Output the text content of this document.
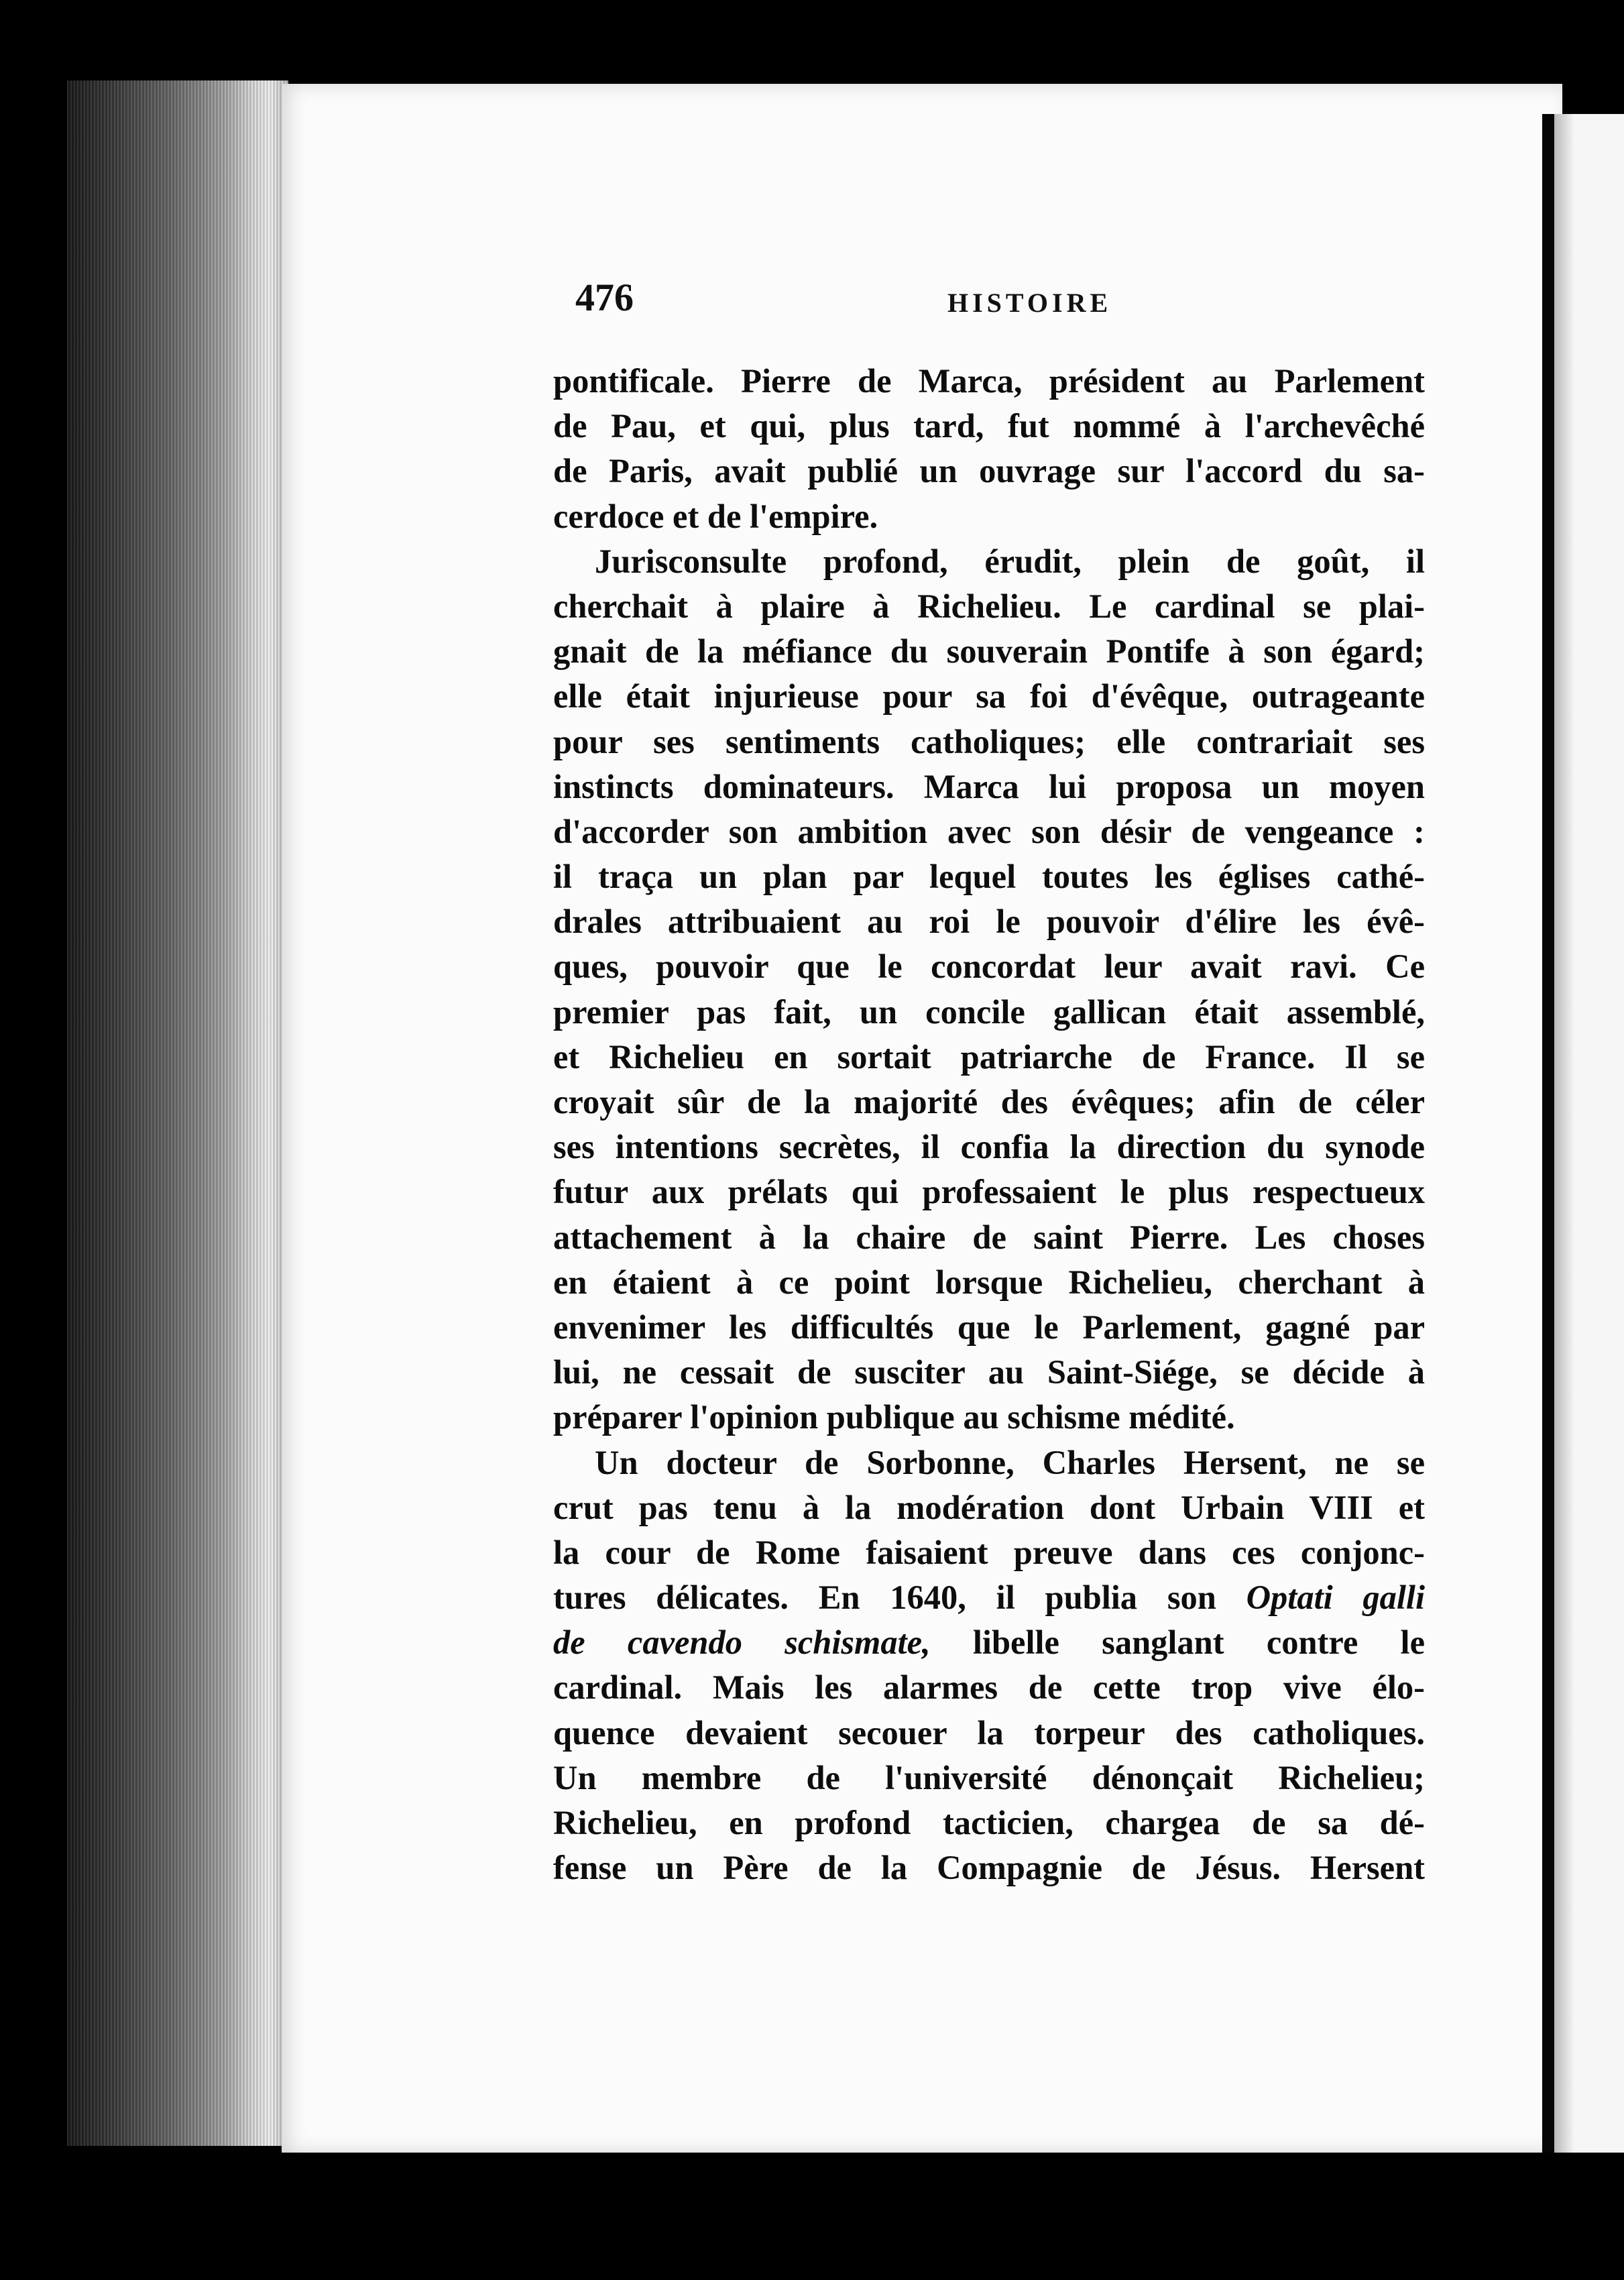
476	HISTOIRE
pontificale. Pierre de Marca, président au Parlement
de Pau, et qui, plus tard, fut nommé à l'archevêché
de Paris, avait publié un ouvrage sur l'accord du sa-
cerdoce et de l'empire.
Jurisconsulte profond, érudit, plein de goût, il
cherchait à plaire à Richelieu. Le cardinal se plai-
gnait de la méfiance du souverain Pontife à son égard;
elle était injurieuse pour sa foi d'évêque, outrageante
pour ses sentiments catholiques; elle contrariait ses
instincts dominateurs. Marca lui proposa un moyen
d'accorder son ambition avec son désir de vengeance :
il traça un plan par lequel toutes les églises cathé-
drales attribuaient au roi le pouvoir d'élire les évê-
ques, pouvoir que le concordat leur avait ravi. Ce
premier pas fait, un concile gallican était assemblé,
et Richelieu en sortait patriarche de France. Il se
croyait sûr de la majorité des évêques; afin de céler
ses intentions secrètes, il confia la direction du synode
futur aux prélats qui professaient le plus respectueux
attachement à la chaire de saint Pierre. Les choses
en étaient à ce point lorsque Richelieu, cherchant à
envenimer les difficultés que le Parlement, gagné par
lui, ne cessait de susciter au Saint-Siége, se décide à
préparer l'opinion publique au schisme médité.
Un docteur de Sorbonne, Charles Hersent, ne se
crut pas tenu à la modération dont Urbain VIII et
la cour de Rome faisaient preuve dans ces conjonc-
tures délicates. En 1640, il publia son Optati galli
de cavendo schismate, libelle sanglant contre le
cardinal. Mais les alarmes de cette trop vive élo-
quence devaient secouer la torpeur des catholiques.
Un membre de l'université dénonçait Richelieu;
Richelieu, en profond tacticien, chargea de sa dé-
fense un Père de la Compagnie de Jésus. Hersent
